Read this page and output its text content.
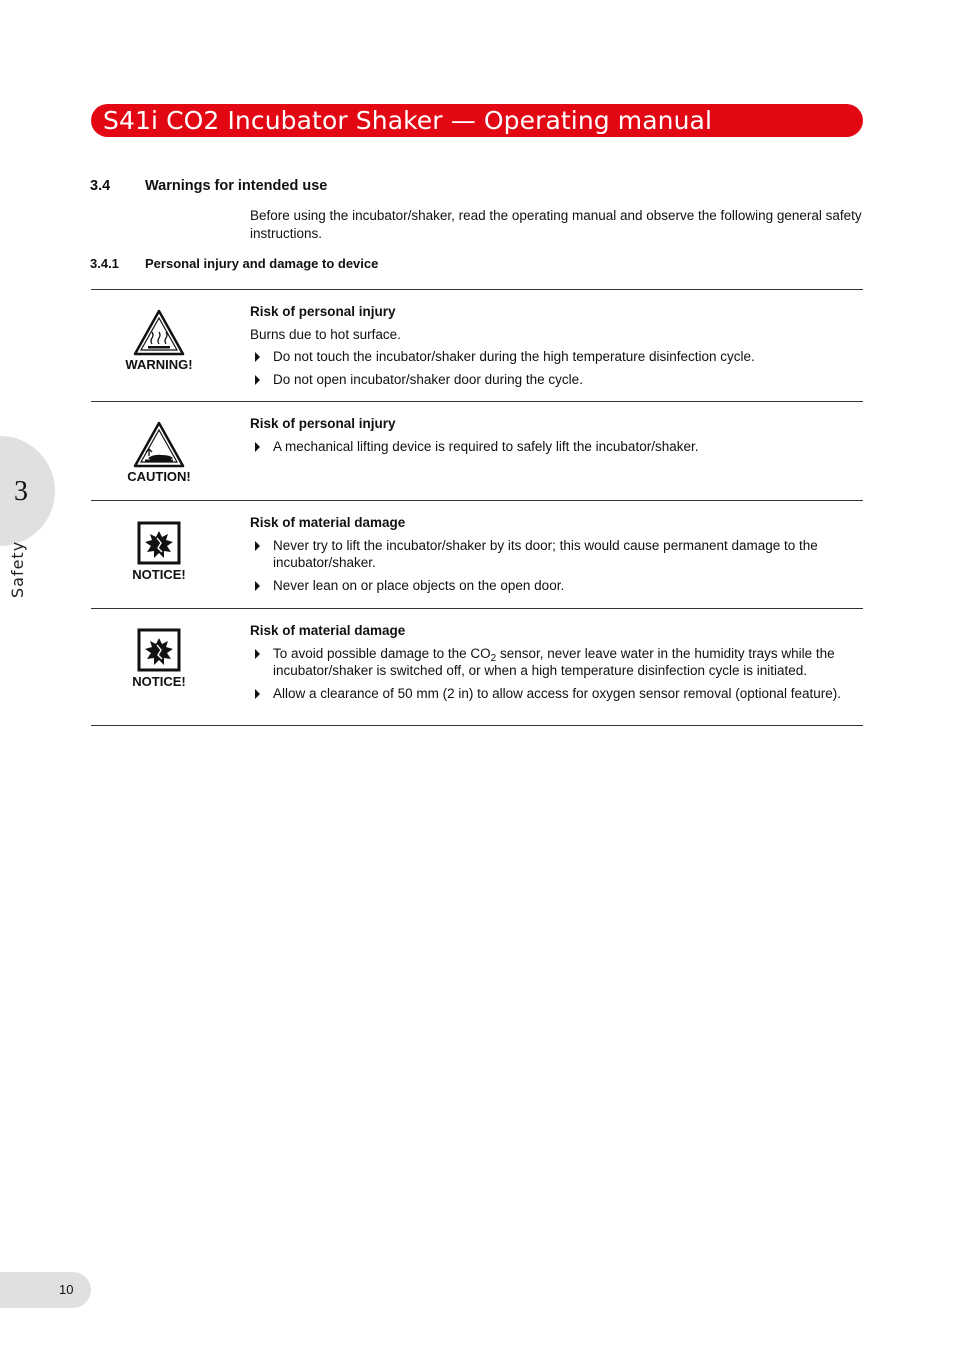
S41i CO2 Incubator Shaker — Operating manual
3
Safety
3.4 Warnings for intended use
Before using the incubator/shaker, read the operating manual and observe the following general safety instructions.
3.4.1 Personal injury and damage to device
WARNING!
Risk of personal injury
Burns due to hot surface.
Do not touch the incubator/shaker during the high temperature disinfection cycle.
Do not open incubator/shaker door during the cycle.
CAUTION!
Risk of personal injury
A mechanical lifting device is required to safely lift the incubator/shaker.
NOTICE!
Risk of material damage
Never try to lift the incubator/shaker by its door; this would cause permanent damage to the incubator/shaker.
Never lean on or place objects on the open door.
NOTICE!
Risk of material damage
To avoid possible damage to the $CO_2$ sensor, never leave water in the humidity trays while the incubator/shaker is switched off, or when a high temperature disinfection cycle is initiated.
Allow a clearance of 50 mm (2 in) to allow access for oxygen sensor removal (optional feature).
10
